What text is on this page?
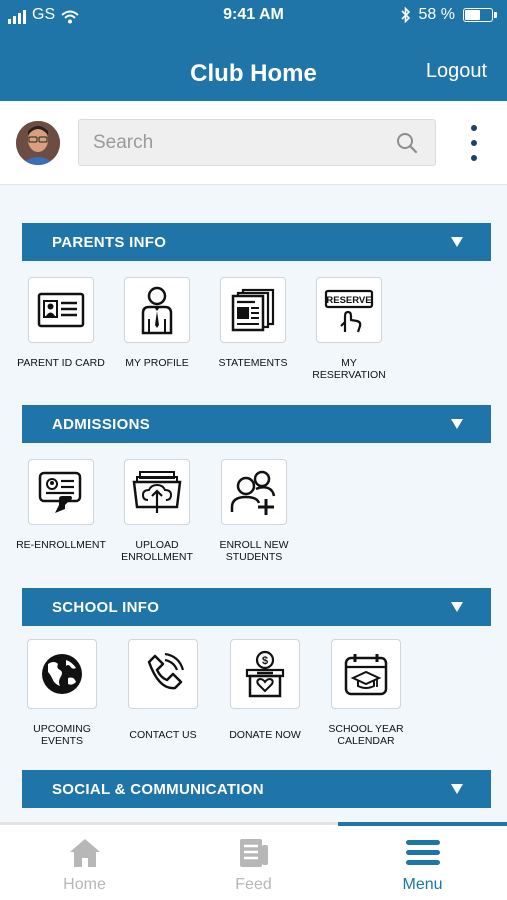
GS	9:41 AM	58 %
Club Home	Logout
Search
PARENTS INFO
PARENT ID CARD	MY PROFILE	STATEMENTS
RESERVE
MY RESERVATION
ADMISSIONS
RE-ENROLLMENT	UPLOAD ENROLLMENT
ENROLL NEW STUDENTS
SCHOOL INFO
UPCOMING EVENTS	CONTACT US
$
DONATE NOW	SCHOOL YEAR CALENDAR
SOCIAL & COMMUNICATION
Home	Feed	Menu
